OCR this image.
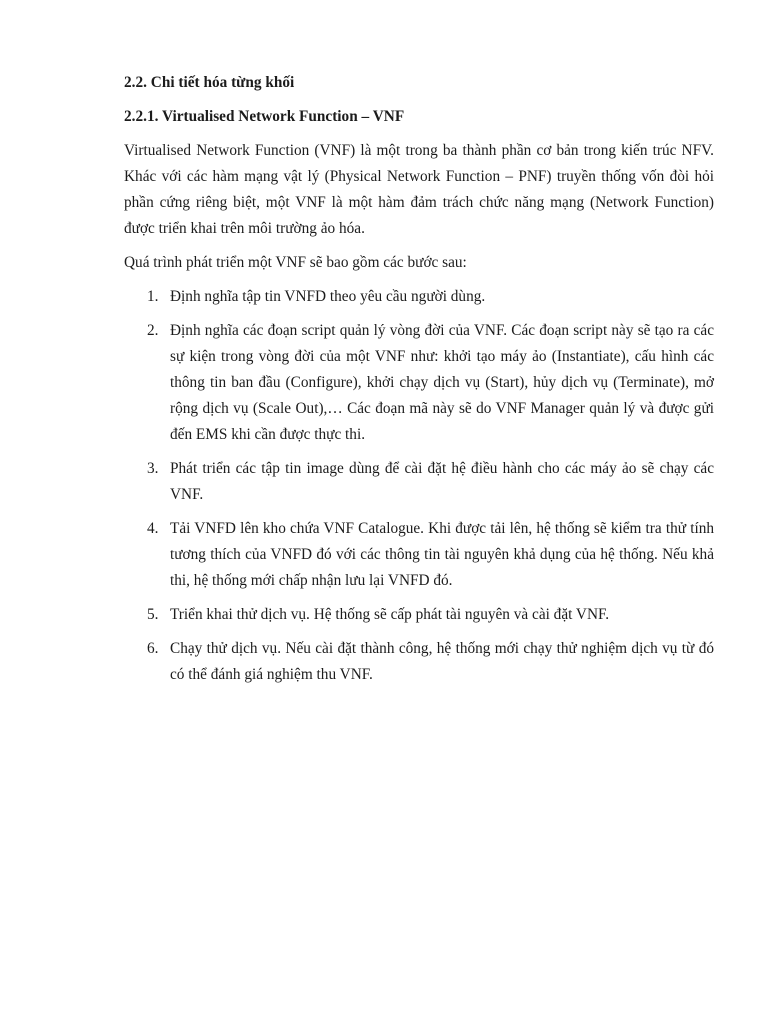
2.2. Chi tiết hóa từng khối

2.2.1. Virtualised Network Function – VNF

Virtualised Network Function (VNF) là một trong ba thành phần cơ bản trong kiến trúc NFV. Khác với các hàm mạng vật lý (Physical Network Function – PNF) truyền thống vốn đòi hỏi phần cứng riêng biệt, một VNF là một hàm đảm trách chức năng mạng (Network Function) được triển khai trên môi trường ảo hóa.

Quá trình phát triển một VNF sẽ bao gồm các bước sau:

1. Định nghĩa tập tin VNFD theo yêu cầu người dùng.
2. Định nghĩa các đoạn script quản lý vòng đời của VNF. Các đoạn script này sẽ tạo ra các sự kiện trong vòng đời của một VNF như: khởi tạo máy ảo (Instantiate), cấu hình các thông tin ban đầu (Configure), khởi chạy dịch vụ (Start), hủy dịch vụ (Terminate), mở rộng dịch vụ (Scale Out),… Các đoạn mã này sẽ do VNF Manager quản lý và được gửi đến EMS khi cần được thực thi.
3. Phát triển các tập tin image dùng để cài đặt hệ điều hành cho các máy ảo sẽ chạy các VNF.
4. Tải VNFD lên kho chứa VNF Catalogue. Khi được tải lên, hệ thống sẽ kiểm tra thử tính tương thích của VNFD đó với các thông tin tài nguyên khả dụng của hệ thống. Nếu khả thi, hệ thống mới chấp nhận lưu lại VNFD đó.
5. Triển khai thử dịch vụ. Hệ thống sẽ cấp phát tài nguyên và cài đặt VNF.
6. Chạy thử dịch vụ. Nếu cài đặt thành công, hệ thống mới chạy thử nghiệm dịch vụ từ đó có thể đánh giá nghiệm thu VNF.
